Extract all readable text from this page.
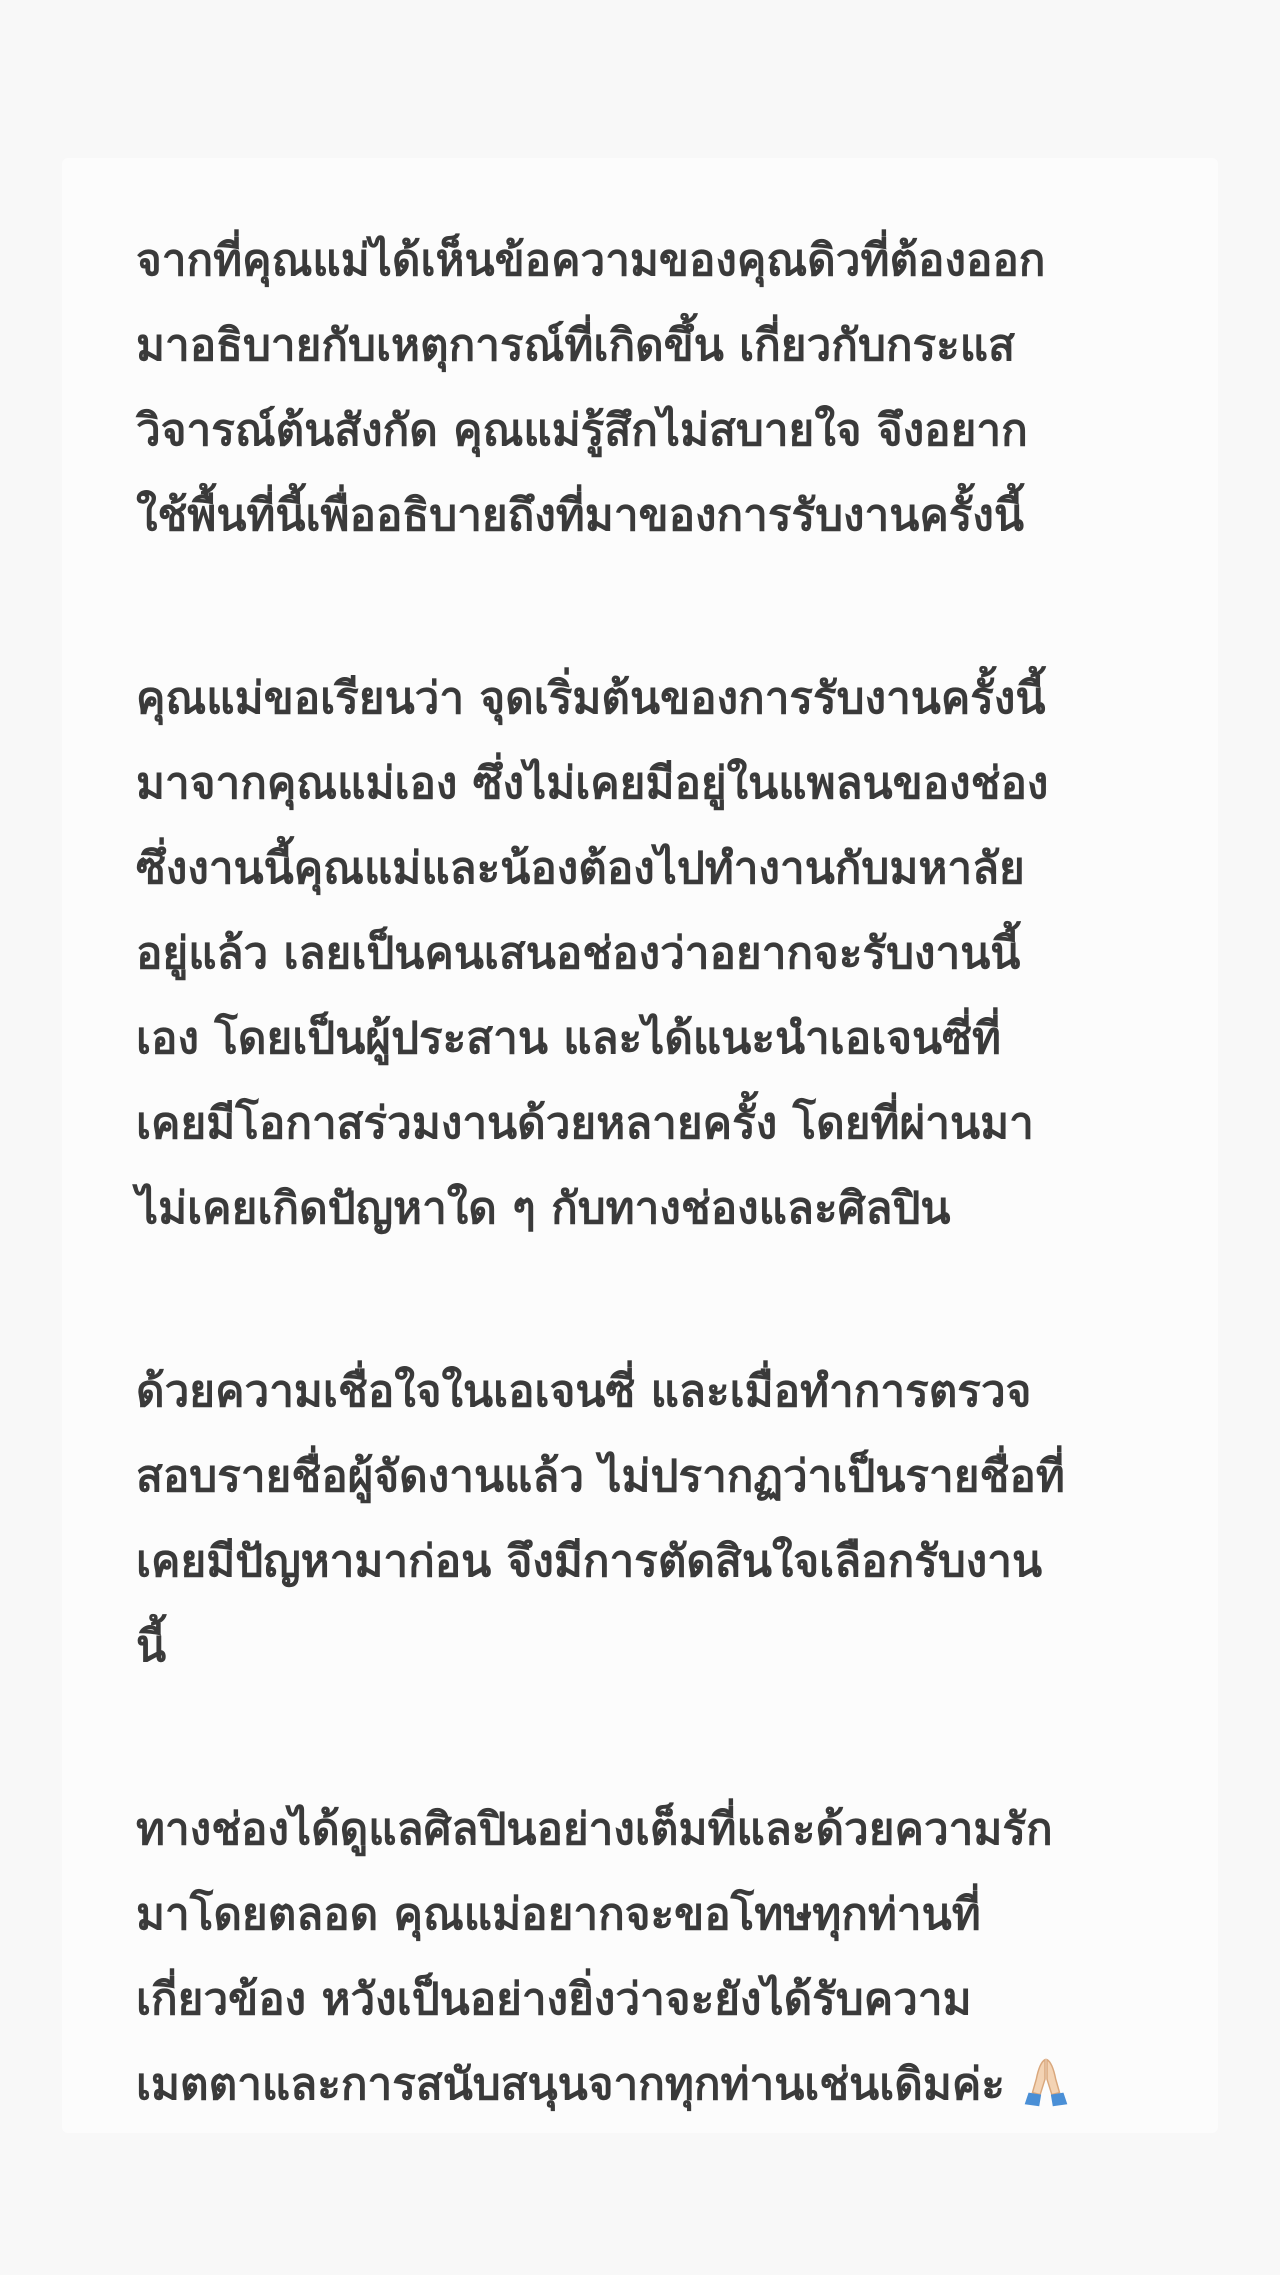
จากที่คุณแม่ได้เห็นข้อความของคุณดิวที่ต้องออก
มาอธิบายกับเหตุการณ์ที่เกิดขึ้น เกี่ยวกับกระแส
วิจารณ์ต้นสังกัด คุณแม่รู้สึกไม่สบายใจ จึงอยาก
ใช้พื้นที่นี้เพื่ออธิบายถึงที่มาของการรับงานครั้งนี้

คุณแม่ขอเรียนว่า จุดเริ่มต้นของการรับงานครั้งนี้
มาจากคุณแม่เอง ซึ่งไม่เคยมีอยู่ในแพลนของช่อง
ซึ่งงานนี้คุณแม่และน้องต้องไปทำงานกับมหาลัย
อยู่แล้ว เลยเป็นคนเสนอช่องว่าอยากจะรับงานนี้
เอง โดยเป็นผู้ประสาน และได้แนะนำเอเจนซี่ที่
เคยมีโอกาสร่วมงานด้วยหลายครั้ง โดยที่ผ่านมา
ไม่เคยเกิดปัญหาใด ๆ กับทางช่องและศิลปิน

ด้วยความเชื่อใจในเอเจนซี่ และเมื่อทำการตรวจ
สอบรายชื่อผู้จัดงานแล้ว ไม่ปรากฏว่าเป็นรายชื่อที่
เคยมีปัญหามาก่อน จึงมีการตัดสินใจเลือกรับงาน
นี้

ทางช่องได้ดูแลศิลปินอย่างเต็มที่และด้วยความรัก
มาโดยตลอด คุณแม่อยากจะขอโทษทุกท่านที่
เกี่ยวข้อง หวังเป็นอย่างยิ่งว่าจะยังได้รับความ
เมตตาและการสนับสนุนจากทุกท่านเช่นเดิมค่ะ
